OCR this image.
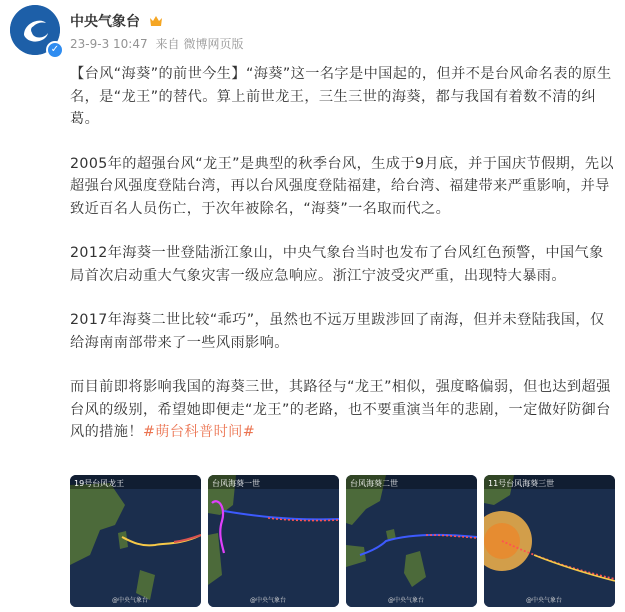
✓
中央气象台
23-9-3 10:47 来自 微博网页版

【台风“海葵”的前世今生】“海葵”这一名字是中国起的，但并不是台风命名表的原生名，是“龙王”的替代。算上前世龙王，三生三世的海葵，都与我国有着数不清的纠葛。

2005年的超强台风“龙王”是典型的秋季台风，生成于9月底，并于国庆节假期，先以超强台风强度登陆台湾，再以台风强度登陆福建，给台湾、福建带来严重影响，并导致近百名人员伤亡，于次年被除名，“海葵”一名取而代之。

2012年海葵一世登陆浙江象山，中央气象台当时也发布了台风红色预警，中国气象局首次启动重大气象灾害一级应急响应。浙江宁波受灾严重，出现特大暴雨。

2017年海葵二世比较“乖巧”，虽然也不远万里跋涉回了南海，但并未登陆我国，仅给海南南部带来了一些风雨影响。

而目前即将影响我国的海葵三世，其路径与“龙王”相似，强度略偏弱，但也达到超强台风的级别，希望她即便走“龙王”的老路，也不要重演当年的悲剧，一定做好防御台风的措施！#萌台科普时间#

19号台风龙王
@中央气象台
台风海葵一世
@中央气象台
台风海葵二世
@中央气象台
11号台风海葵三世
@中央气象台
